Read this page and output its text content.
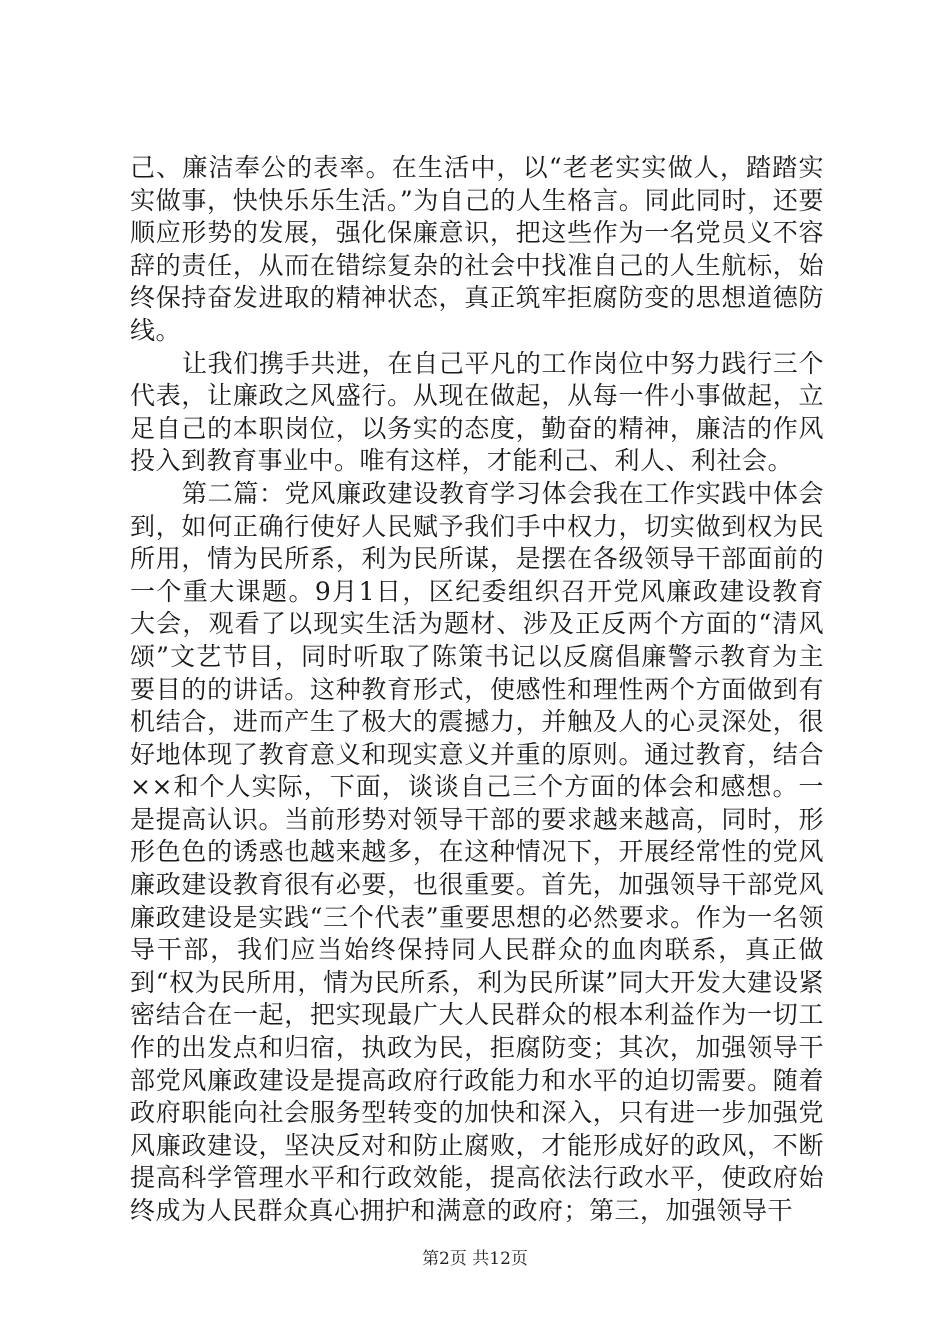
己、廉洁奉公的表率。在生活中，以“老老实实做人，踏踏实实做事，快快乐乐生活。”为自己的人生格言。同此同时，还要顺应形势的发展，强化保廉意识，把这些作为一名党员义不容辞的责任，从而在错综复杂的社会中找准自己的人生航标，始终保持奋发进取的精神状态，真正筑牢拒腐防变的思想道德防线。

让我们携手共进，在自己平凡的工作岗位中努力践行三个代表，让廉政之风盛行。从现在做起，从每一件小事做起，立足自己的本职岗位，以务实的态度，勤奋的精神，廉洁的作风投入到教育事业中。唯有这样，才能利己、利人、利社会。

第二篇：党风廉政建设教育学习体会我在工作实践中体会到，如何正确行使好人民赋予我们手中权力，切实做到权为民所用，情为民所系，利为民所谋，是摆在各级领导干部面前的一个重大课题。9月1日，区纪委组织召开党风廉政建设教育大会，观看了以现实生活为题材、涉及正反两个方面的“清风颂”文艺节目，同时听取了陈策书记以反腐倡廉警示教育为主要目的的讲话。这种教育形式，使感性和理性两个方面做到有机结合，进而产生了极大的震撼力，并触及人的心灵深处，很好地体现了教育意义和现实意义并重的原则。通过教育，结合××和个人实际，下面，谈谈自己三个方面的体会和感想。一是提高认识。当前形势对领导干部的要求越来越高，同时，形形色色的诱惑也越来越多，在这种情况下，开展经常性的党风廉政建设教育很有必要，也很重要。首先，加强领导干部党风廉政建设是实践“三个代表”重要思想的必然要求。作为一名领导干部，我们应当始终保持同人民群众的血肉联系，真正做到“权为民所用，情为民所系，利为民所谋”同大开发大建设紧密结合在一起，把实现最广大人民群众的根本利益作为一切工作的出发点和归宿，执政为民，拒腐防变；其次，加强领导干部党风廉政建设是提高政府行政能力和水平的迫切需要。随着政府职能向社会服务型转变的加快和深入，只有进一步加强党风廉政建设，坚决反对和防止腐败，才能形成好的政风，不断提高科学管理水平和行政效能，提高依法行政水平，使政府始终成为人民群众真心拥护和满意的政府；第三，加强领导干

第2页 共12页
